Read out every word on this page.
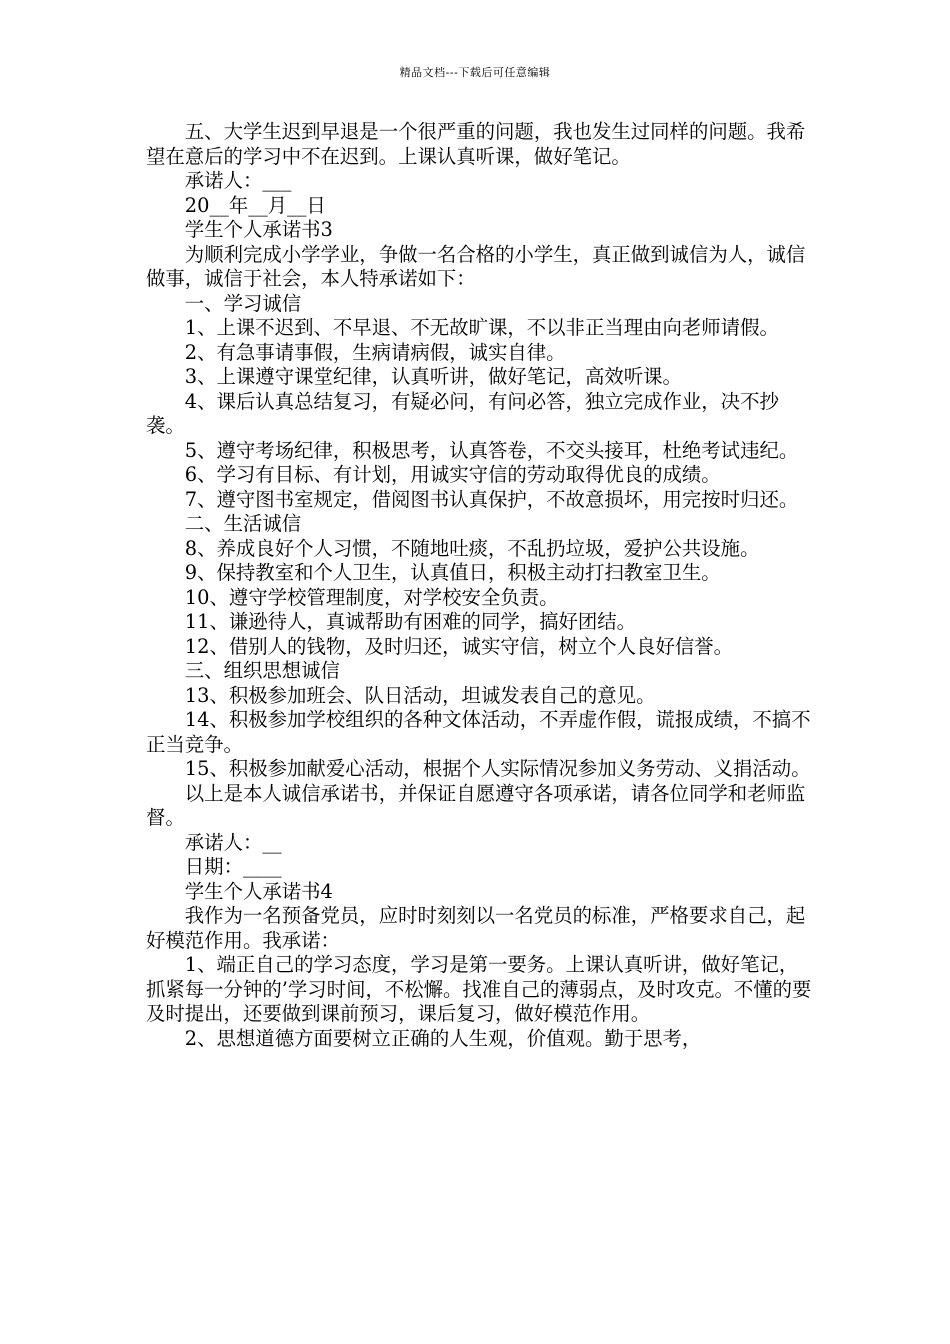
精品文档---下载后可任意编辑

五、大学生迟到早退是一个很严重的问题，我也发生过同样的问题。我希望在意后的学习中不在迟到。上课认真听课，做好笔记。

承诺人：___

20__年__月__日

学生个人承诺书3

为顺利完成小学学业，争做一名合格的小学生，真正做到诚信为人，诚信做事，诚信于社会，本人特承诺如下：

一、学习诚信

1、上课不迟到、不早退、不无故旷课，不以非正当理由向老师请假。

2、有急事请事假，生病请病假，诚实自律。

3、上课遵守课堂纪律，认真听讲，做好笔记，高效听课。

4、课后认真总结复习，有疑必问，有问必答，独立完成作业，决不抄袭。

5、遵守考场纪律，积极思考，认真答卷，不交头接耳，杜绝考试违纪。

6、学习有目标、有计划，用诚实守信的劳动取得优良的成绩。

7、遵守图书室规定，借阅图书认真保护，不故意损坏，用完按时归还。

二、生活诚信

8、养成良好个人习惯，不随地吐痰，不乱扔垃圾，爱护公共设施。

9、保持教室和个人卫生，认真值日，积极主动打扫教室卫生。

10、遵守学校管理制度，对学校安全负责。

11、谦逊待人，真诚帮助有困难的同学，搞好团结。

12、借别人的钱物，及时归还，诚实守信，树立个人良好信誉。

三、组织思想诚信

13、积极参加班会、队日活动，坦诚发表自己的意见。

14、积极参加学校组织的各种文体活动，不弄虚作假，谎报成绩，不搞不正当竞争。

15、积极参加献爱心活动，根据个人实际情况参加义务劳动、义捐活动。

以上是本人诚信承诺书，并保证自愿遵守各项承诺，请各位同学和老师监督。

承诺人：__

日期：____

学生个人承诺书4

我作为一名预备党员，应时时刻刻以一名党员的标准，严格要求自己，起好模范作用。我承诺：

1、端正自己的学习态度，学习是第一要务。上课认真听讲，做好笔记，抓紧每一分钟的’学习时间，不松懈。找准自己的薄弱点，及时攻克。不懂的要及时提出，还要做到课前预习，课后复习，做好模范作用。

2、思想道德方面要树立正确的人生观，价值观。勤于思考，
